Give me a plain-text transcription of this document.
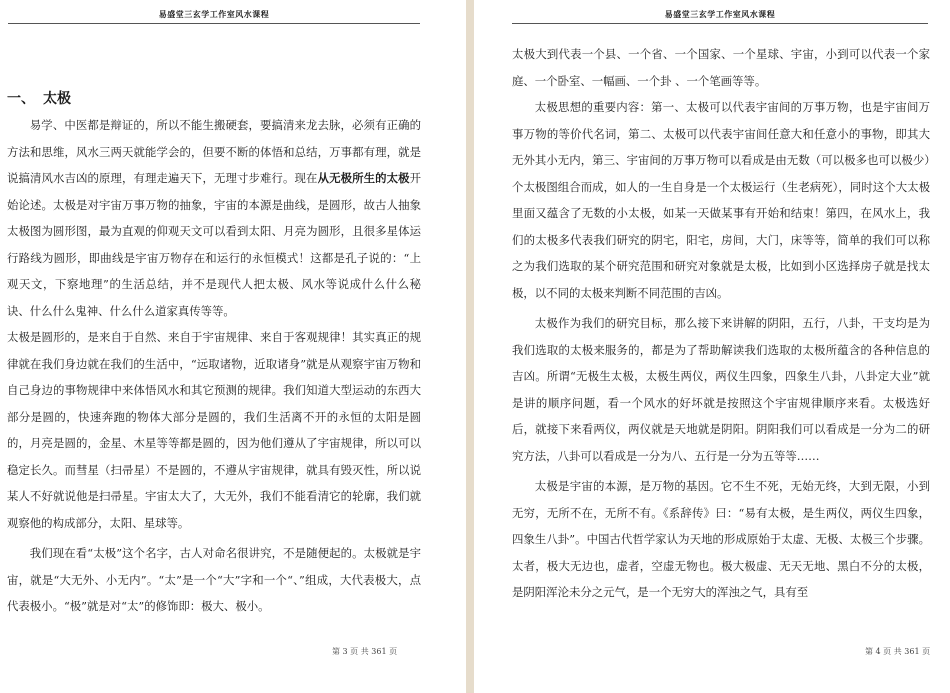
易盛堂三玄学工作室风水课程
一、 太极

易学、中医都是辩证的，所以不能生搬硬套，要搞清来龙去脉，必须有正确的方法和思维，风水三两天就能学会的，但要不断的体悟和总结，万事都有理，就是说搞清风水吉凶的原理，有理走遍天下，无理寸步难行。现在从无极所生的太极开始论述。太极是对宇宙万事万物的抽象，宇宙的本源是曲线，是圆形，故古人抽象太极图为圆形图，最为直观的仰观天文可以看到太阳、月亮为圆形，且很多星体运行路线为圆形，即曲线是宇宙万物存在和运行的永恒模式！这都是孔子说的：“上观天文，下察地理”的生活总结，并不是现代人把太极、风水等说成什么什么秘诀、什么什么鬼神、什么什么道家真传等等。

太极是圆形的，是来自于自然、来自于宇宙规律、来自于客观规律！其实真正的规律就在我们身边就在我们的生活中，“远取诸物，近取诸身”就是从观察宇宙万物和自己身边的事物规律中来体悟风水和其它预测的规律。我们知道大型运动的东西大部分是圆的，快速奔跑的物体大部分是圆的，我们生活离不开的永恒的太阳是圆的，月亮是圆的，金星、木星等等都是圆的，因为他们遵从了宇宙规律，所以可以稳定长久。而彗星（扫帚星）不是圆的，不遵从宇宙规律，就具有毁灭性，所以说某人不好就说他是扫帚星。宇宙太大了，大无外，我们不能看清它的轮廓，我们就观察他的构成部分，太阳、星球等。

我们现在看“太极”这个名字，古人对命名很讲究，不是随便起的。太极就是宇宙，就是“大无外、小无内”。“太”是一个“大”字和一个“、”组成，大代表极大，点代表极小。“极”就是对“太”的修饰即：极大、极小。

第 3 页 共 361 页
易盛堂三玄学工作室风水课程

太极大到代表一个县、一个省、一个国家、一个星球、宇宙，小到可以代表一个家庭、一个卧室、一幅画、一个卦 、一个笔画等等。

太极思想的重要内容：第一、太极可以代表宇宙间的万事万物，也是宇宙间万事万物的等价代名词，第二、太极可以代表宇宙间任意大和任意小的事物，即其大无外其小无内，第三、宇宙间的万事万物可以看成是由无数（可以极多也可以极少）个太极图组合而成，如人的一生自身是一个太极运行（生老病死），同时这个大太极里面又蕴含了无数的小太极，如某一天做某事有开始和结束！第四，在风水上，我们的太极多代表我们研究的阴宅，阳宅，房间，大门，床等等，简单的我们可以称之为我们选取的某个研究范围和研究对象就是太极，比如到小区选择房子就是找太极，以不同的太极来判断不同范围的吉凶。

太极作为我们的研究目标，那么接下来讲解的阴阳，五行，八卦，干支均是为我们选取的太极来服务的，都是为了帮助解读我们选取的太极所蕴含的各种信息的吉凶。所谓“无极生太极，太极生两仪，两仪生四象，四象生八卦，八卦定大业”就是讲的顺序问题，看一个风水的好坏就是按照这个宇宙规律顺序来看。太极选好后，就接下来看两仪，两仪就是天地就是阴阳。阴阳我们可以看成是一分为二的研究方法，八卦可以看成是一分为八、五行是一分为五等等……

太极是宇宙的本源，是万物的基因。它不生不死，无始无终，大到无限，小到无穷，无所不在，无所不有。《系辞传》曰：“易有太极，是生两仪，两仪生四象，四象生八卦”。中国古代哲学家认为天地的形成原始于太虚、无极、太极三个步骤。太者，极大无边也，虚者，空虚无物也。极大极虚、无天无地、黑白不分的太极，是阴阳浑沦未分之元气，是一个无穷大的浑浊之气，具有至

第 4 页 共 361 页
